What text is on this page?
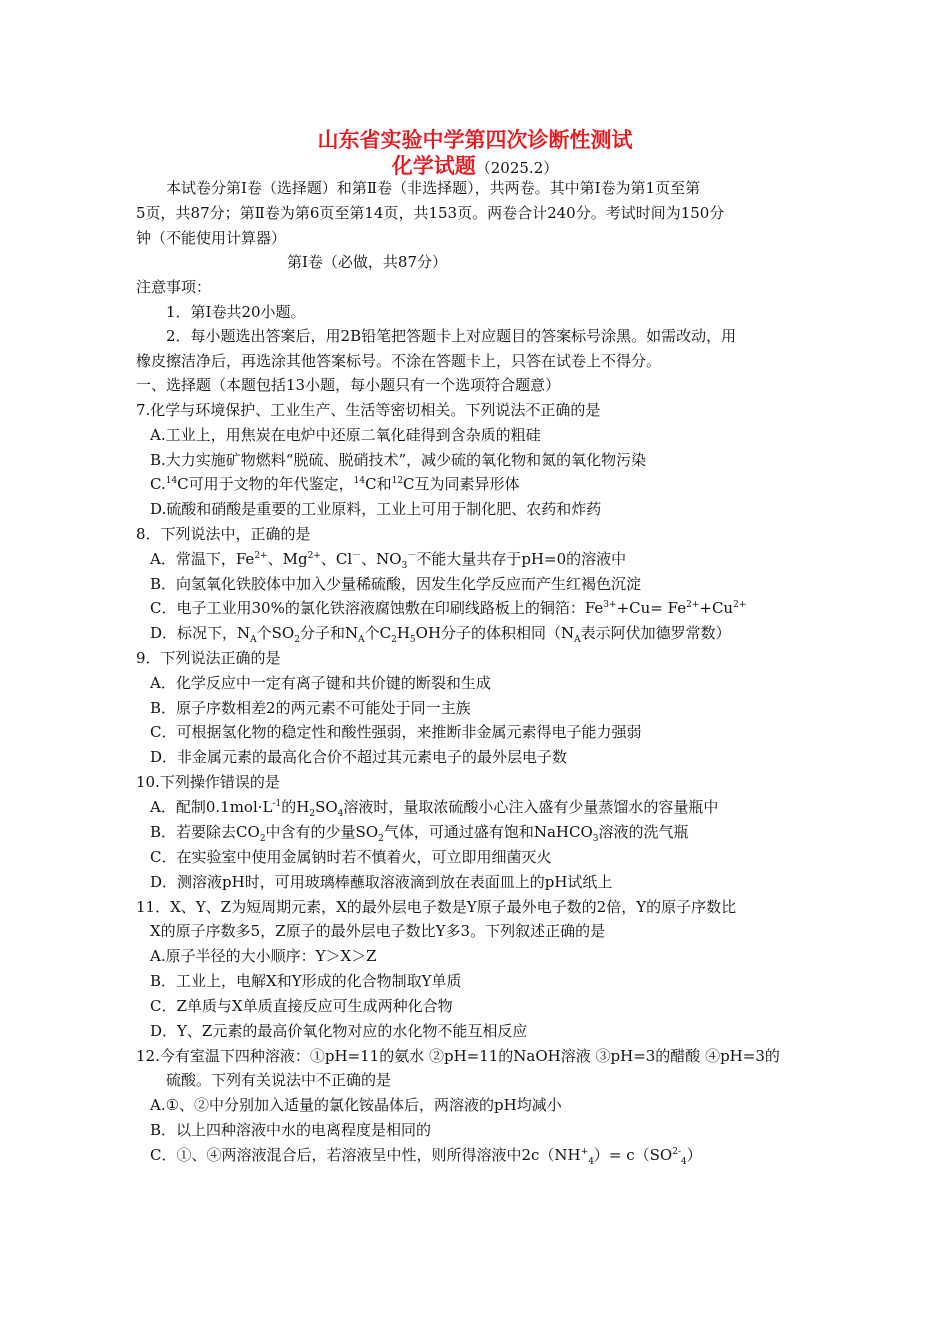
山东省实验中学第四次诊断性测试
化学试题（2025.2）
本试卷分第Ⅰ卷（选择题）和第Ⅱ卷（非选择题），共两卷。其中第Ⅰ卷为第1页至第
5页，共87分；第Ⅱ卷为第6页至第14页，共153页。两卷合计240分。考试时间为150分
钟（不能使用计算器）
第Ⅰ卷（必做，共87分）
注意事项：
1．第Ⅰ卷共20小题。
2．每小题选出答案后，用2B铅笔把答题卡上对应题目的答案标号涂黑。如需改动，用
橡皮擦洁净后，再选涂其他答案标号。不涂在答题卡上，只答在试卷上不得分。
一、选择题（本题包括13小题，每小题只有一个选项符合题意）
7.化学与环境保护、工业生产、生活等密切相关。下列说法不正确的是
A.工业上，用焦炭在电炉中还原二氧化硅得到含杂质的粗硅
B.大力实施矿物燃料“脱硫、脱硝技术”，减少硫的氧化物和氮的氧化物污染
C.$^{14}$C可用于文物的年代鉴定，$^{14}$C和$^{12}$C互为同素异形体
D.硫酸和硝酸是重要的工业原料，工业上可用于制化肥、农药和炸药
8．下列说法中，正确的是
A．常温下，$Fe^{2+}$、$Mg^{2+}$、Cl－、$NO_3^-$不能大量共存于pH=0的溶液中
B．向氢氧化铁胶体中加入少量稀硫酸，因发生化学反应而产生红褐色沉淀
C．电子工业用30%的氯化铁溶液腐蚀敷在印刷线路板上的铜箔：$Fe^{3+}+Cu= Fe^{2+}+Cu^{2+}$
D．标况下，$N_A$个$SO_2$分子和$N_A$个$C_2H_5OH$分子的体积相同（$N_A$表示阿伏加德罗常数）
9．下列说法正确的是
A．化学反应中一定有离子键和共价键的断裂和生成
B．原子序数相差2的两元素不可能处于同一主族
C．可根据氢化物的稳定性和酸性强弱，来推断非金属元素得电子能力强弱
D．非金属元素的最高化合价不超过其元素电子的最外层电子数
10.下列操作错误的是
A．配制$0.1mol\cdot L^{-1}$的$H_2SO_4$溶液时，量取浓硫酸小心注入盛有少量蒸馏水的容量瓶中
B．若要除去$CO_2$中含有的少量$SO_2$气体，可通过盛有饱和NaHCO$_3$溶液的洗气瓶
C．在实验室中使用金属钠时若不慎着火，可立即用细菌灭火
D．测溶液pH时，可用玻璃棒蘸取溶液滴到放在表面皿上的pH试纸上
11．X、Y、Z为短周期元素，X的最外层电子数是Y原子最外电子数的2倍，Y的原子序数比
X的原子序数多5，Z原子的最外层电子数比Y多3。下列叙述正确的是
A.原子半径的大小顺序：Y＞X＞Z
B．工业上，电解X和Y形成的化合物制取Y单质
C．Z单质与X单质直接反应可生成两种化合物
D．Y、Z元素的最高价氧化物对应的水化物不能互相反应
12.今有室温下四种溶液：①pH=11的氨水 ②pH=11的NaOH溶液 ③pH=3的醋酸 ④pH=3的
硫酸。下列有关说法中不正确的是
A.①、②中分别加入适量的氯化铵晶体后，两溶液的pH均减小
B．以上四种溶液中水的电离程度是相同的
C．①、④两溶液混合后，若溶液呈中性，则所得溶液中$2c(NH^+_4)= c(SO^{2-}_4)$
